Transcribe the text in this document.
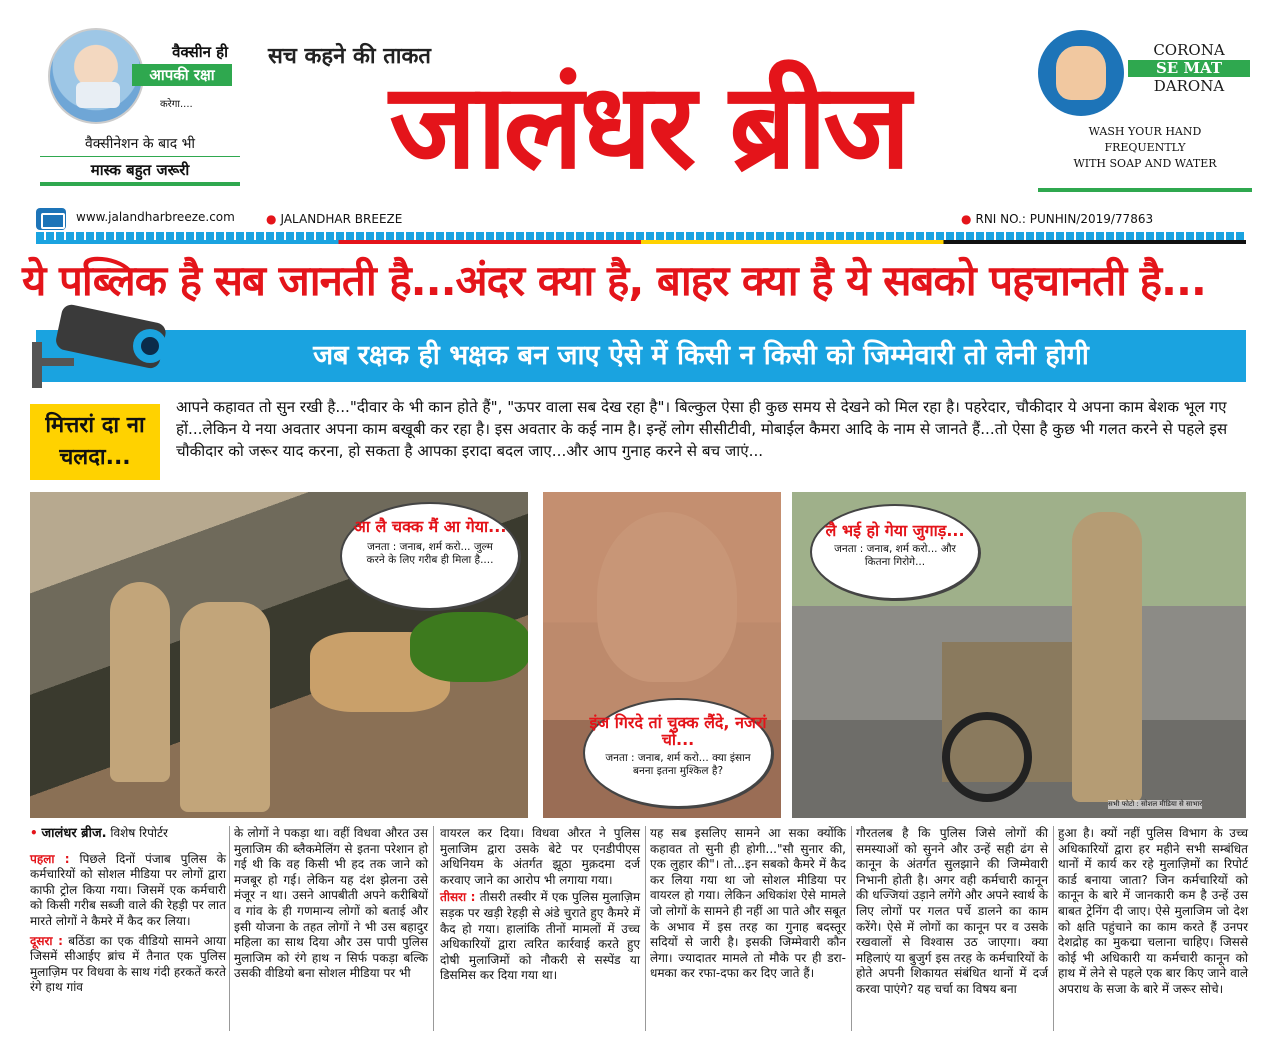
वैक्सीन ही
आपकी रक्षा
करेगा....
वैक्सीनेशन के बाद भी
मास्क बहुत जरूरी
सच कहने की ताकत
जालंधर ब्रीज
CORONA
SE MAT
DARONA
WASH YOUR HAND
FREQUENTLY
WITH SOAP AND WATER
www.jalandharbreeze.com	● JALANDHAR BREEZE	● RNI NO.: PUNHIN/2019/77863
ये पब्लिक है सब जानती है...अंदर क्या है, बाहर क्या है ये सबको पहचानती है...
जब रक्षक ही भक्षक बन जाए ऐसे में किसी न किसी को जिम्मेवारी तो लेनी होगी
मित्तरां दा ना
चलदा...
आपने कहावत तो सुन रखी है..."दीवार के भी कान होते हैं", "ऊपर वाला सब देख रहा है"। बिल्कुल ऐसा ही कुछ समय से देखने को मिल रहा है। पहरेदार, चौकीदार ये अपना काम बेशक भूल गए हों...लेकिन ये नया अवतार अपना काम बखूबी कर रहा है। इस अवतार के कई नाम है। इन्हें लोग सीसीटीवी, मोबाईल कैमरा आदि के नाम से जानते हैं...तो ऐसा है कुछ भी गलत करने से पहले इस चौकीदार को जरूर याद करना, हो सकता है आपका इरादा बदल जाए...और आप गुनाह करने से बच जाएं...
आ लै चक्क मैं आ गेया...
जनता : जनाब, शर्म करो... जुल्म करने के लिए गरीब ही मिला है....
इंज गिरदे तां चुक्क लैंदे, नजरां चों...
जनता : जनाब, शर्म करो... क्या इंसान बनना इतना मुश्किल है?
लै भई हो गेया जुगाड़...
जनता : जनाब, शर्म करो... और कितना गिरोगे...
सभी फोटो : सोशल मीडिया से साभार
• जालंधर ब्रीज. विशेष रिपोर्टर
पहला : पिछले दिनों पंजाब पुलिस के कर्मचारियों को सोशल मीडिया पर लोगों द्वारा काफी ट्रोल किया गया। जिसमें एक कर्मचारी को किसी गरीब सब्जी वाले की रेहड़ी पर लात मारते लोगों ने कैमरे में कैद कर लिया।
दूसरा : बठिंडा का एक वीडियो सामने आया जिसमें सीआईए ब्रांच में तैनात एक पुलिस मुलाज़िम पर विधवा के साथ गंदी हरकतें करते रंगे हाथ गांव
के लोगों ने पकड़ा था। वहीं विधवा औरत उस मुलाजिम की ब्लैकमेलिंग से इतना परेशान हो गई थी कि वह किसी भी हद तक जाने को मजबूर हो गई। लेकिन यह दंश झेलना उसे मंजूर न था। उसने आपबीती अपने करीबियों व गांव के ही गणमान्य लोगों को बताई और इसी योजना के तहत लोगों ने भी उस बहादुर महिला का साथ दिया और उस पापी पुलिस मुलाजिम को रंगे हाथ न सिर्फ पकड़ा बल्कि उसकी वीडियो बना सोशल मीडिया पर भी
वायरल कर दिया। विधवा औरत ने पुलिस मुलाजिम द्वारा उसके बेटे पर एनडीपीएस अधिनियम के अंतर्गत झूठा मुक़दमा दर्ज करवाए जाने का आरोप भी लगाया गया।
तीसरा : तीसरी तस्वीर में एक पुलिस मुलाज़िम सड़क पर खड़ी रेहड़ी से अंडे चुराते हुए कैमरे में कैद हो गया। हालांकि तीनों मामलों में उच्च अधिकारियों द्वारा त्वरित कार्रवाई करते हुए दोषी मुलाजिमों को नौकरी से सस्पेंड या डिसमिस कर दिया गया था।
यह सब इसलिए सामने आ सका क्योंकि कहावत तो सुनी ही होगी..."सौ सुनार की, एक लुहार की"। तो...इन सबको कैमरे में कैद कर लिया गया था जो सोशल मीडिया पर वायरल हो गया। लेकिन अधिकांश ऐसे मामले जो लोगों के सामने ही नहीं आ पाते और सबूत के अभाव में इस तरह का गुनाह बदस्तूर सदियों से जारी है। इसकी जिम्मेवारी कौन लेगा। ज्यादातर मामले तो मौके पर ही डरा-धमका कर रफा-दफा कर दिए जाते हैं।
गौरतलब है कि पुलिस जिसे लोगों की समस्याओं को सुनने और उन्हें सही ढंग से कानून के अंतर्गत सुलझाने की जिम्मेवारी निभानी होती है। अगर वही कर्मचारी कानून की धज्जियां उड़ाने लगेंगे और अपने स्वार्थ के लिए लोगों पर गलत पर्चे डालने का काम करेंगे। ऐसे में लोगों का कानून पर व उसके रखवालों से विश्वास उठ जाएगा। क्या महिलाएं या बुजुर्ग इस तरह के कर्मचारियों के होते अपनी शिकायत संबंधित थानों में दर्ज करवा पाएंगे? यह चर्चा का विषय बना
हुआ है। क्यों नहीं पुलिस विभाग के उच्च अधिकारियों द्वारा हर महीने सभी सम्बंधित थानों में कार्य कर रहे मुलाज़िमों का रिपोर्ट कार्ड बनाया जाता? जिन कर्मचारियों को कानून के बारे में जानकारी कम है उन्हें उस बाबत ट्रेनिंग दी जाए। ऐसे मुलाजिम जो देश को क्षति पहुंचाने का काम करते हैं उनपर देशद्रोह का मुकद्मा चलाना चाहिए। जिससे कोई भी अधिकारी या कर्मचारी कानून को हाथ में लेने से पहले एक बार किए जाने वाले अपराध के सजा के बारे में जरूर सोचे।
